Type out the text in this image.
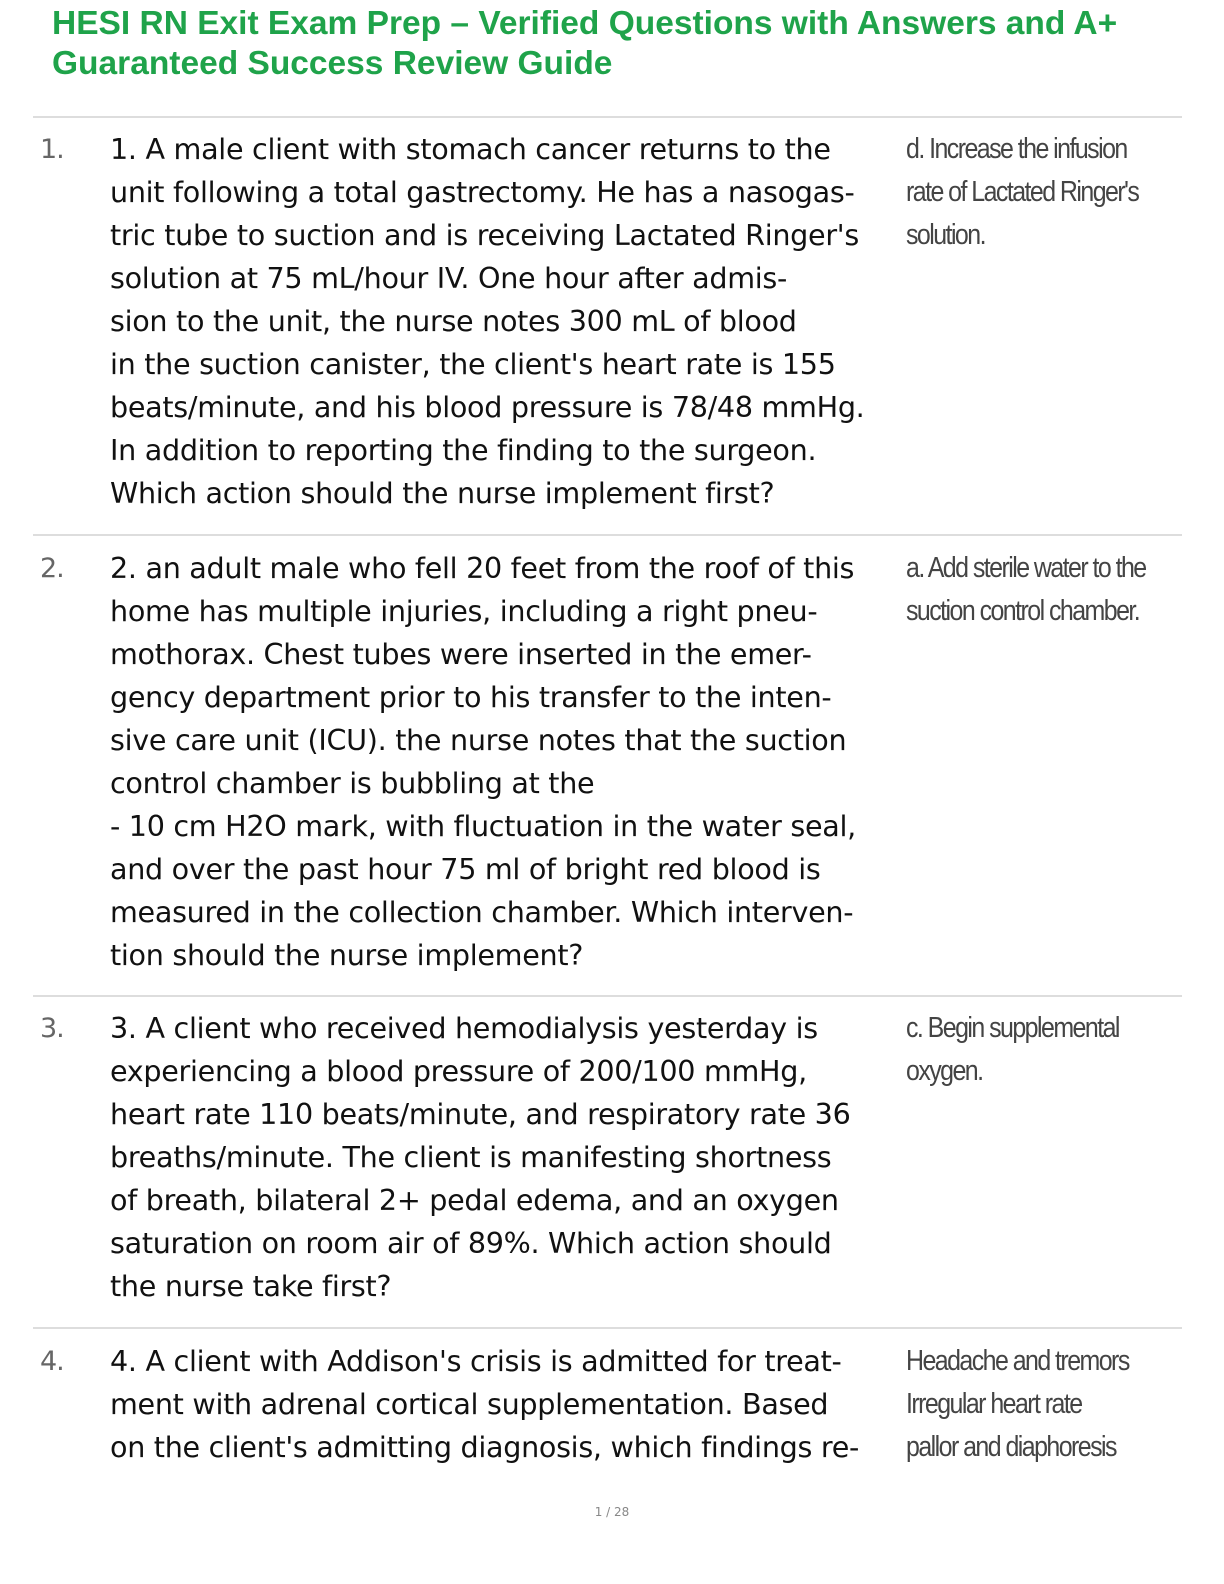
HESI RN Exit Exam Prep – Verified Questions with Answers and A+
Guaranteed Success Review Guide
1. 1. A male client with stomach cancer returns to the
unit following a total gastrectomy. He has a nasogas-
tric tube to suction and is receiving Lactated Ringer's
solution at 75 mL/hour IV. One hour after admis-
sion to the unit, the nurse notes 300 mL of blood
in the suction canister, the client's heart rate is 155
beats/minute, and his blood pressure is 78/48 mmHg.
In addition to reporting the finding to the surgeon.
Which action should the nurse implement first?
d. Increase the infusion
rate of Lactated Ringer's
solution.
2. 2. an adult male who fell 20 feet from the roof of this
home has multiple injuries, including a right pneu-
mothorax. Chest tubes were inserted in the emer-
gency department prior to his transfer to the inten-
sive care unit (ICU). the nurse notes that the suction
control chamber is bubbling at the
- 10 cm H2O mark, with fluctuation in the water seal,
and over the past hour 75 ml of bright red blood is
measured in the collection chamber. Which interven-
tion should the nurse implement?
a. Add sterile water to the
suction control chamber.
3. 3. A client who received hemodialysis yesterday is
experiencing a blood pressure of 200/100 mmHg,
heart rate 110 beats/minute, and respiratory rate 36
breaths/minute. The client is manifesting shortness
of breath, bilateral 2+ pedal edema, and an oxygen
saturation on room air of 89%. Which action should
the nurse take first?
c. Begin supplemental
oxygen.
4. 4. A client with Addison's crisis is admitted for treat-
ment with adrenal cortical supplementation. Based
on the client's admitting diagnosis, which findings re-
Headache and tremors
Irregular heart rate
pallor and diaphoresis
1 / 28
